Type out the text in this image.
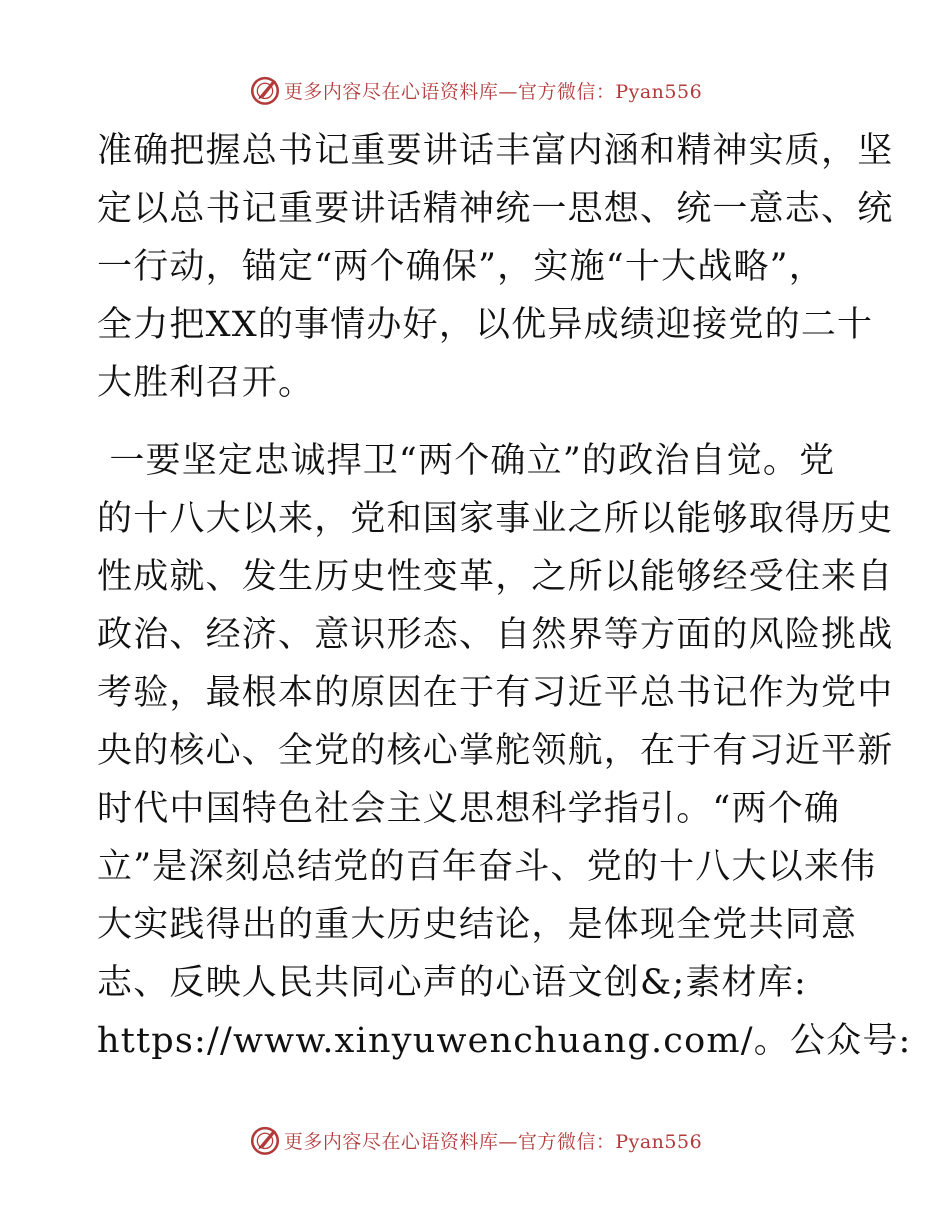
更多内容尽在心语资料库—官方微信：Pyan556
准确把握总书记重要讲话丰富内涵和精神实质，坚
定以总书记重要讲话精神统一思想、统一意志、统
一行动，锚定“两个确保”，实施“十大战略”，
全力把XX的事情办好，以优异成绩迎接党的二十
大胜利召开。
一要坚定忠诚捍卫“两个确立”的政治自觉。党
的十八大以来，党和国家事业之所以能够取得历史
性成就、发生历史性变革，之所以能够经受住来自
政治、经济、意识形态、自然界等方面的风险挑战
考验，最根本的原因在于有习近平总书记作为党中
央的核心、全党的核心掌舵领航，在于有习近平新
时代中国特色社会主义思想科学指引。“两个确
立”是深刻总结党的百年奋斗、党的十八大以来伟
大实践得出的重大历史结论，是体现全党共同意
志、反映人民共同心声的心语文创&;素材库:
https://www.xinyuwenchuang.com/。公众号:
更多内容尽在心语资料库—官方微信：Pyan556
